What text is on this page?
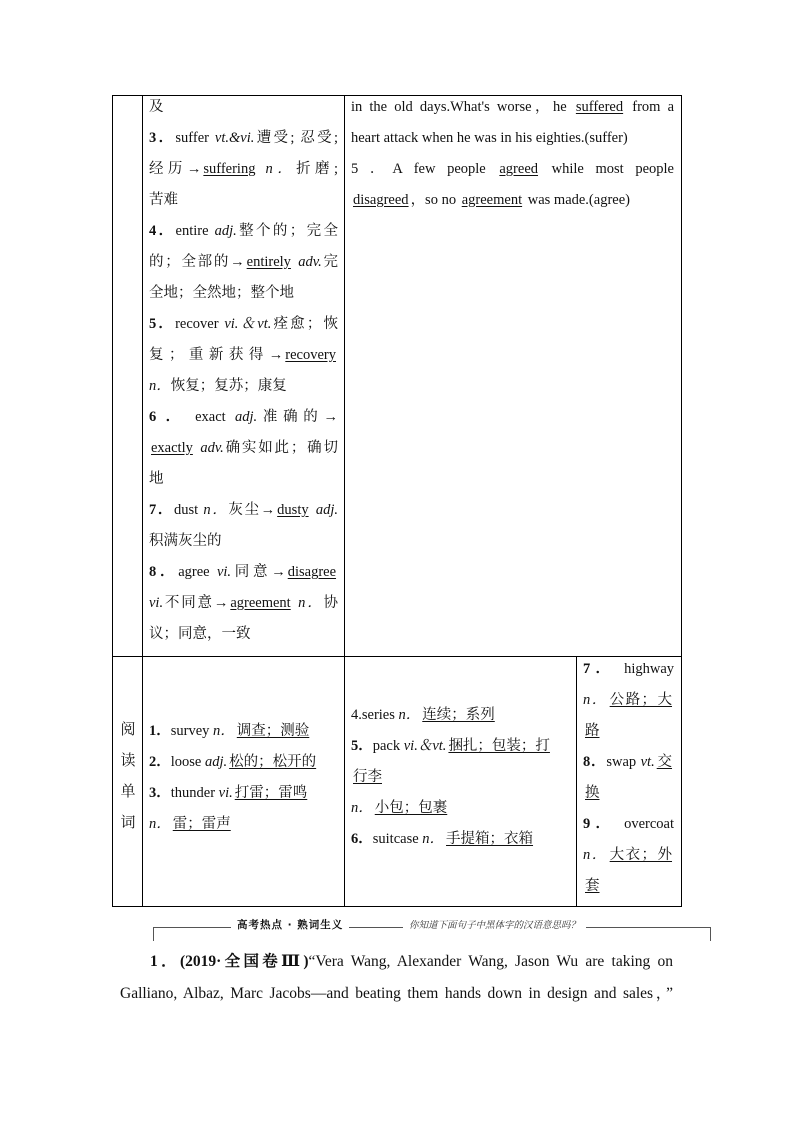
及
3．suffer vt.&vi.遭受; 忍受;
经历→ suffering n．折磨;
苦难
4．entire adj.整个的；完全
的；全部的→ entirely adv.完
全地；全然地；整个地
5．recover vi.＆vt.痊愈；恢
复；重新获得→ recovery
n．恢复；复苏；康复
6 ． exact adj.准确的→
exactly adv.确实如此；确切
地
7．dust n．灰尘→ dusty adj.
积满灰尘的
8．agree vi.同意→ disagree
vi.不同意→ agreement n．协
议；同意，一致
in the old days.What's worse，he suffered from a
heart attack when he was in his eighties.(suffer)
5 ．A few people agreed while most people
disagreed ，so no agreement was made.(agree)
阅
读
单
词
1．survey n． 调查；测验
2．loose adj. 松的；松开的
3．thunder vi. 打雷；雷鸣
n． 雷；雷声
4.series n． 连续；系列
5．pack vi.＆vt. 捆扎；包装；打
行李
n． 小包；包裹
6．suitcase n． 手提箱；衣箱
7． highway
n． 公路；大
路
8．swap vt. 交
换
9． overcoat
n． 大衣；外
套
高考热点 · 熟词生义	你知道下面句子中黑体字的汉语意思吗？
1．(2019·全国卷Ⅲ)“Vera Wang, Alexander Wang, Jason Wu are taking on
Galliano, Albaz, Marc Jacobs—and beating them hands down in design and sales，”
